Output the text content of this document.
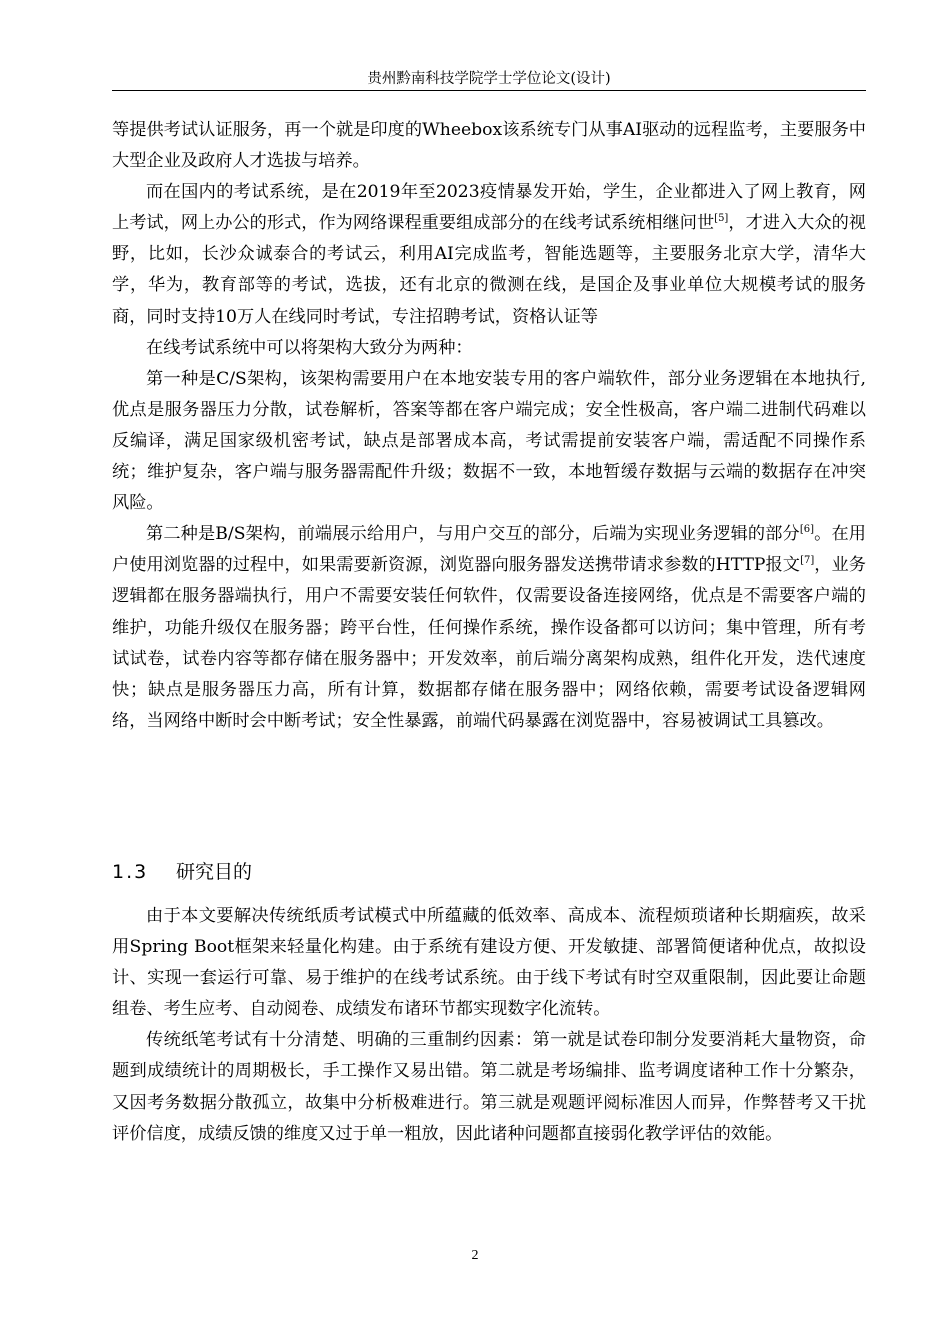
贵州黔南科技学院学士学位论文(设计)

等提供考试认证服务，再一个就是印度的Wheebox该系统专门从事AI驱动的远程监考，主要服务中大型企业及政府人才选拔与培养。

而在国内的考试系统，是在2019年至2023疫情暴发开始，学生，企业都进入了网上教育，网上考试，网上办公的形式，作为网络课程重要组成部分的在线考试系统相继问世[5]，才进入大众的视野，比如，长沙众诚泰合的考试云，利用AI完成监考，智能选题等，主要服务北京大学，清华大学，华为，教育部等的考试，选拔，还有北京的微测在线，是国企及事业单位大规模考试的服务商，同时支持10万人在线同时考试，专注招聘考试，资格认证等

在线考试系统中可以将架构大致分为两种：

第一种是C/S架构，该架构需要用户在本地安装专用的客户端软件，部分业务逻辑在本地执行,优点是服务器压力分散，试卷解析，答案等都在客户端完成；安全性极高，客户端二进制代码难以反编译，满足国家级机密考试，缺点是部署成本高，考试需提前安装客户端，需适配不同操作系统；维护复杂，客户端与服务器需配件升级；数据不一致，本地暂缓存数据与云端的数据存在冲突风险。

第二种是B/S架构，前端展示给用户，与用户交互的部分，后端为实现业务逻辑的部分[6]。在用户使用浏览器的过程中，如果需要新资源，浏览器向服务器发送携带请求参数的HTTP报文[7]，业务逻辑都在服务器端执行，用户不需要安装任何软件，仅需要设备连接网络，优点是不需要客户端的维护，功能升级仅在服务器；跨平台性，任何操作系统，操作设备都可以访问；集中管理，所有考试试卷，试卷内容等都存储在服务器中；开发效率，前后端分离架构成熟，组件化开发，迭代速度快；缺点是服务器压力高，所有计算，数据都存储在服务器中；网络依赖，需要考试设备逻辑网络，当网络中断时会中断考试；安全性暴露，前端代码暴露在浏览器中，容易被调试工具篡改。

1.3 研究目的

由于本文要解决传统纸质考试模式中所蕴藏的低效率、高成本、流程烦琐诸种长期痼疾，故采用Spring Boot框架来轻量化构建。由于系统有建设方便、开发敏捷、部署简便诸种优点，故拟设计、实现一套运行可靠、易于维护的在线考试系统。由于线下考试有时空双重限制，因此要让命题组卷、考生应考、自动阅卷、成绩发布诸环节都实现数字化流转。

传统纸笔考试有十分清楚、明确的三重制约因素：第一就是试卷印制分发要消耗大量物资，命题到成绩统计的周期极长，手工操作又易出错。第二就是考场编排、监考调度诸种工作十分繁杂，又因考务数据分散孤立，故集中分析极难进行。第三就是观题评阅标准因人而异，作弊替考又干扰评价信度，成绩反馈的维度又过于单一粗放，因此诸种问题都直接弱化教学评估的效能。

2
